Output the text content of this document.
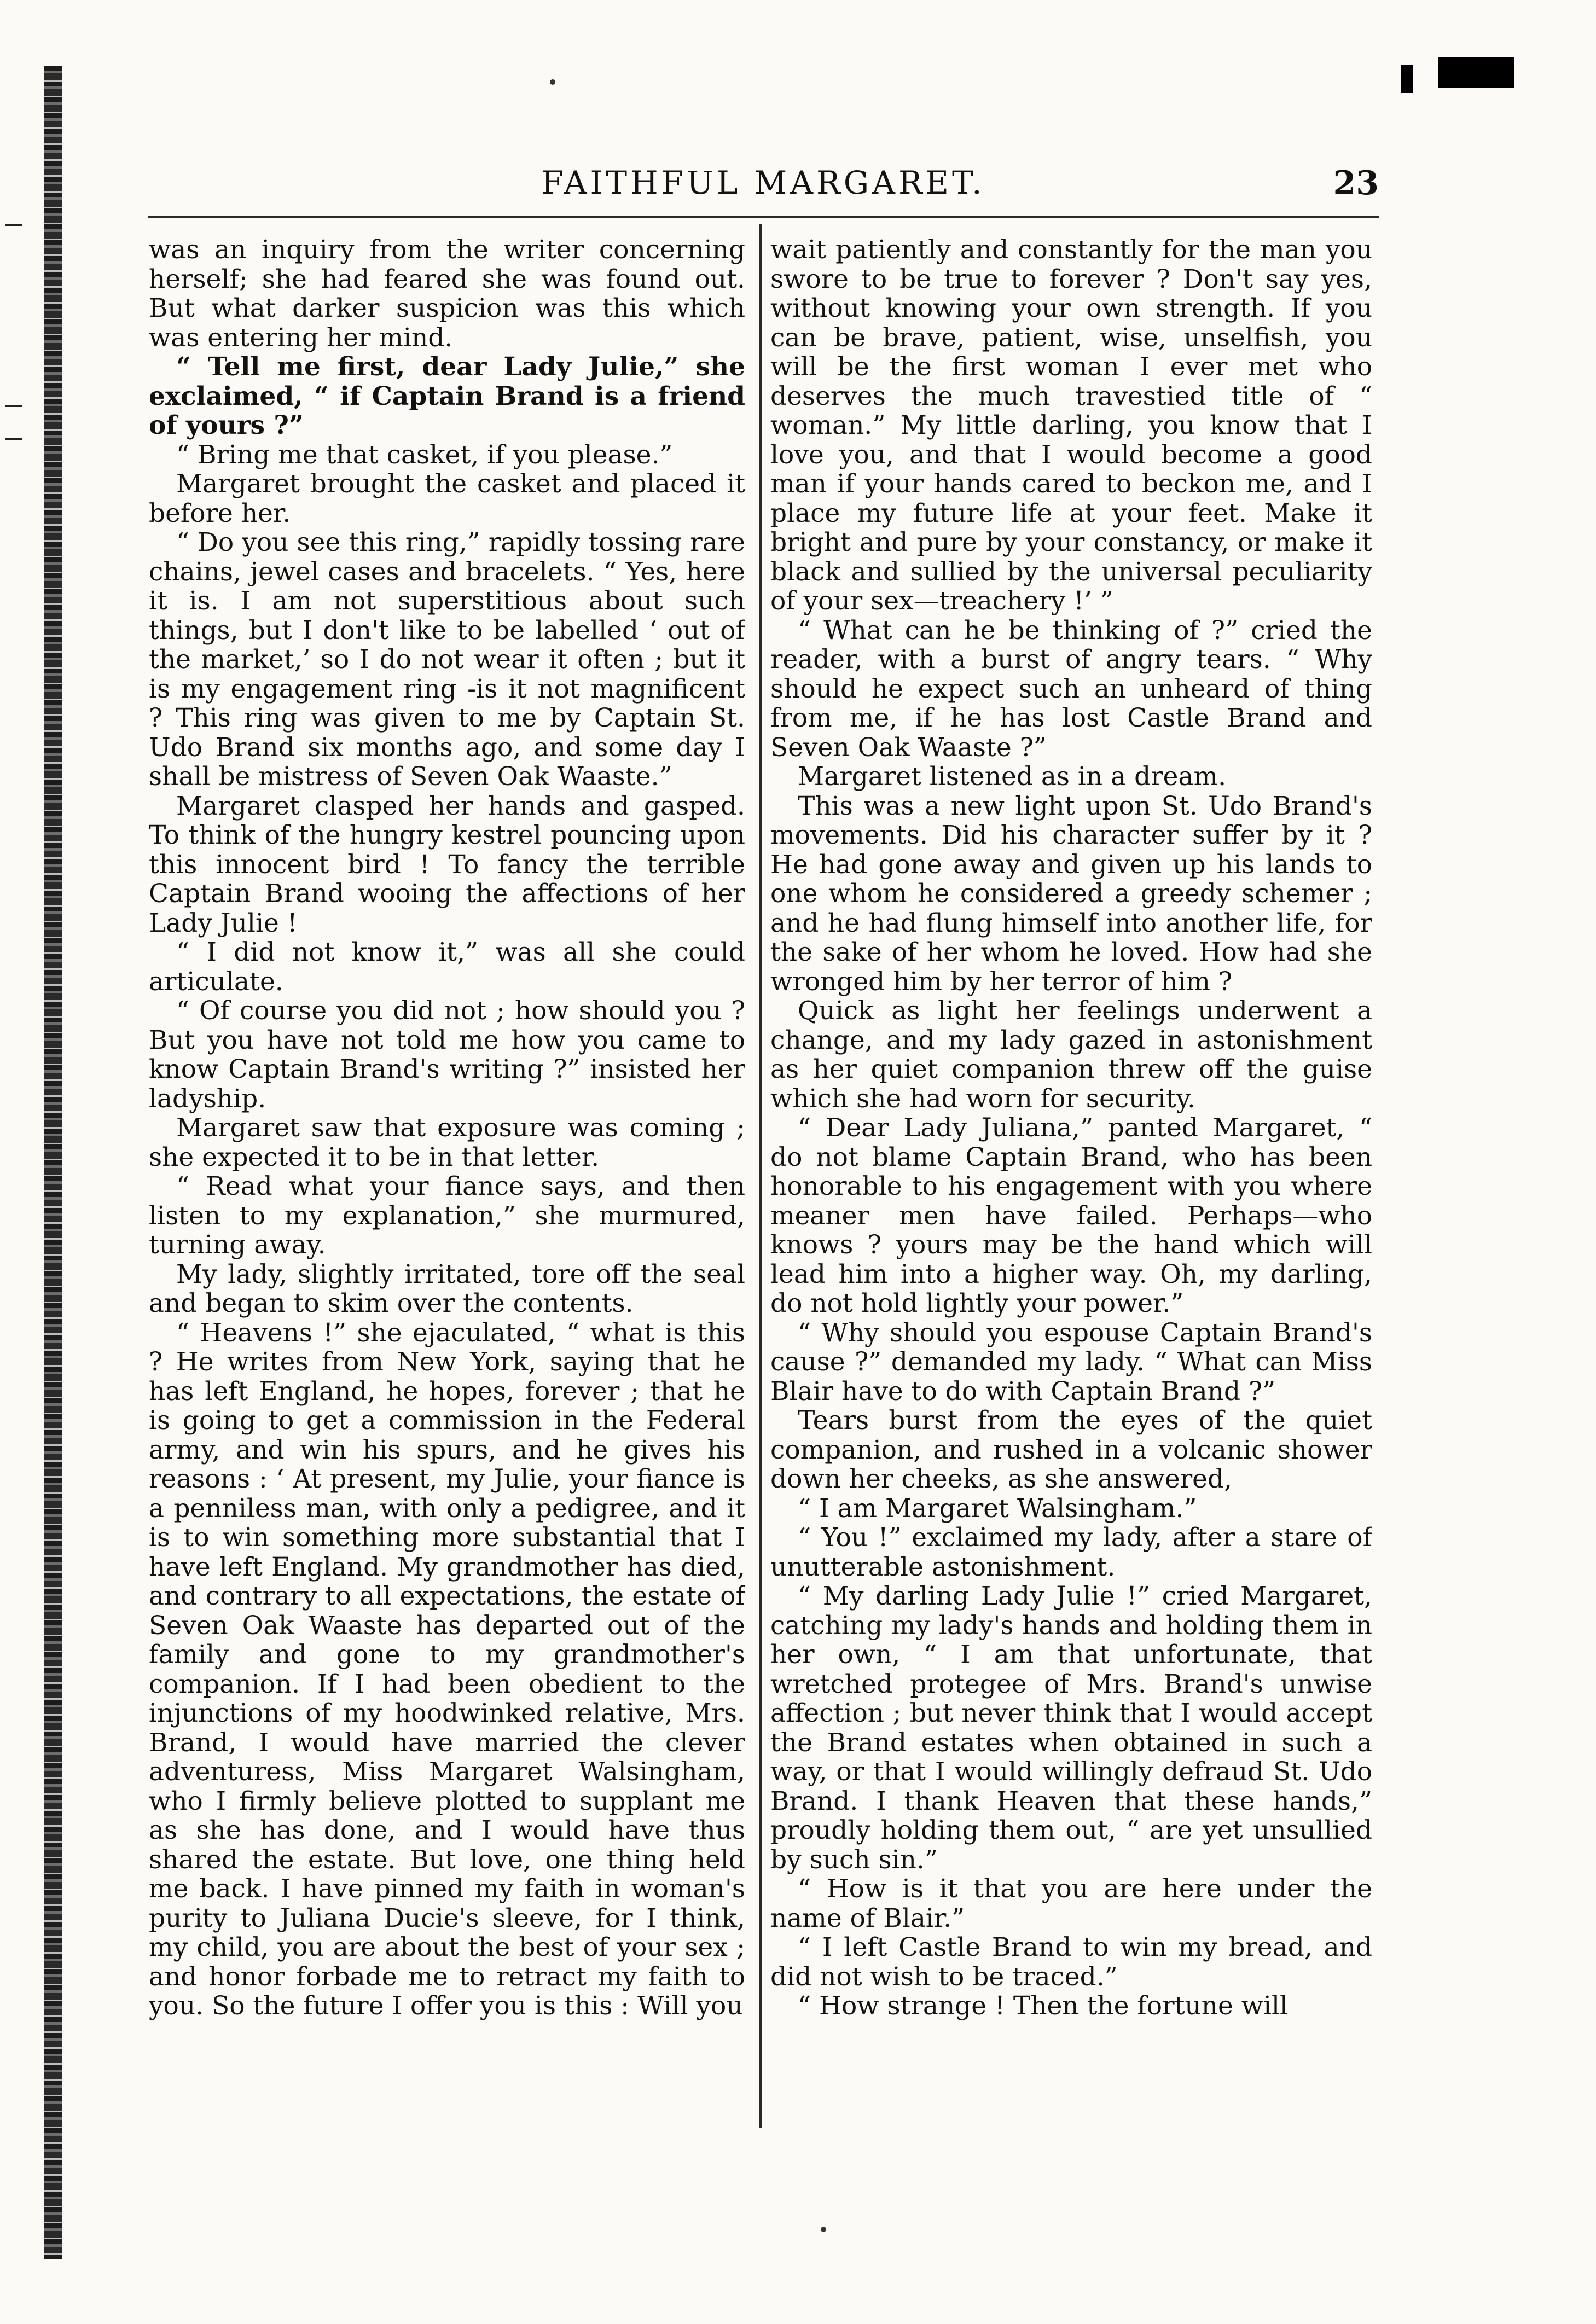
FAITHFUL MARGARET.	23

was an inquiry from the writer concerning herself; she had feared she was found out. But what darker suspicion was this which was entering her mind.

“ Tell me first, dear Lady Julie,” she exclaimed, “ if Captain Brand is a friend of yours ?”

“ Bring me that casket, if you please.”

Margaret brought the casket and placed it before her.

“ Do you see this ring,” rapidly tossing rare chains, jewel cases and bracelets. “ Yes, here it is. I am not superstitious about such things, but I don't like to be labelled ‘ out of the market,’ so I do not wear it often ; but it is my engagement ring -is it not magnificent ? This ring was given to me by Captain St. Udo Brand six months ago, and some day I shall be mistress of Seven Oak Waaste.”

Margaret clasped her hands and gasped. To think of the hungry kestrel pouncing upon this innocent bird ! To fancy the terrible Captain Brand wooing the affections of her Lady Julie !

“ I did not know it,” was all she could articulate.

“ Of course you did not ; how should you ? But you have not told me how you came to know Captain Brand's writing ?” insisted her ladyship.

Margaret saw that exposure was coming ; she expected it to be in that letter.

“ Read what your fiance says, and then listen to my explanation,” she murmured, turning away.

My lady, slightly irritated, tore off the seal and began to skim over the contents.

“ Heavens !” she ejaculated, “ what is this ? He writes from New York, saying that he has left England, he hopes, forever ; that he is going to get a commission in the Federal army, and win his spurs, and he gives his reasons : ‘ At present, my Julie, your fiance is a penniless man, with only a pedigree, and it is to win something more substantial that I have left England. My grandmother has died, and contrary to all expectations, the estate of Seven Oak Waaste has departed out of the family and gone to my grandmother's companion. If I had been obedient to the injunctions of my hoodwinked relative, Mrs. Brand, I would have married the clever adventuress, Miss Margaret Walsingham, who I firmly believe plotted to supplant me as she has done, and I would have thus shared the estate. But love, one thing held me back. I have pinned my faith in woman's purity to Juliana Ducie's sleeve, for I think, my child, you are about the best of your sex ; and honor forbade me to retract my faith to you. So the future I offer you is this : Will you

wait patiently and constantly for the man you swore to be true to forever ? Don't say yes, without knowing your own strength. If you can be brave, patient, wise, unselfish, you will be the first woman I ever met who deserves the much travestied title of “ woman.” My little darling, you know that I love you, and that I would become a good man if your hands cared to beckon me, and I place my future life at your feet. Make it bright and pure by your constancy, or make it black and sullied by the universal peculiarity of your sex—treachery !’ ”

“ What can he be thinking of ?” cried the reader, with a burst of angry tears. “ Why should he expect such an unheard of thing from me, if he has lost Castle Brand and Seven Oak Waaste ?”

Margaret listened as in a dream.

This was a new light upon St. Udo Brand's movements. Did his character suffer by it ? He had gone away and given up his lands to one whom he considered a greedy schemer ; and he had flung himself into another life, for the sake of her whom he loved. How had she wronged him by her terror of him ?

Quick as light her feelings underwent a change, and my lady gazed in astonishment as her quiet companion threw off the guise which she had worn for security.

“ Dear Lady Juliana,” panted Margaret, “ do not blame Captain Brand, who has been honorable to his engagement with you where meaner men have failed. Perhaps—who knows ? yours may be the hand which will lead him into a higher way. Oh, my darling, do not hold lightly your power.”

“ Why should you espouse Captain Brand's cause ?” demanded my lady. “ What can Miss Blair have to do with Captain Brand ?”

Tears burst from the eyes of the quiet companion, and rushed in a volcanic shower down her cheeks, as she answered,

“ I am Margaret Walsingham.”

“ You !” exclaimed my lady, after a stare of unutterable astonishment.

“ My darling Lady Julie !” cried Margaret, catching my lady's hands and holding them in her own, “ I am that unfortunate, that wretched protegee of Mrs. Brand's unwise affection ; but never think that I would accept the Brand estates when obtained in such a way, or that I would willingly defraud St. Udo Brand. I thank Heaven that these hands,” proudly holding them out, “ are yet unsullied by such sin.”

“ How is it that you are here under the name of Blair.”

“ I left Castle Brand to win my bread, and did not wish to be traced.”

“ How strange ! Then the fortune will
